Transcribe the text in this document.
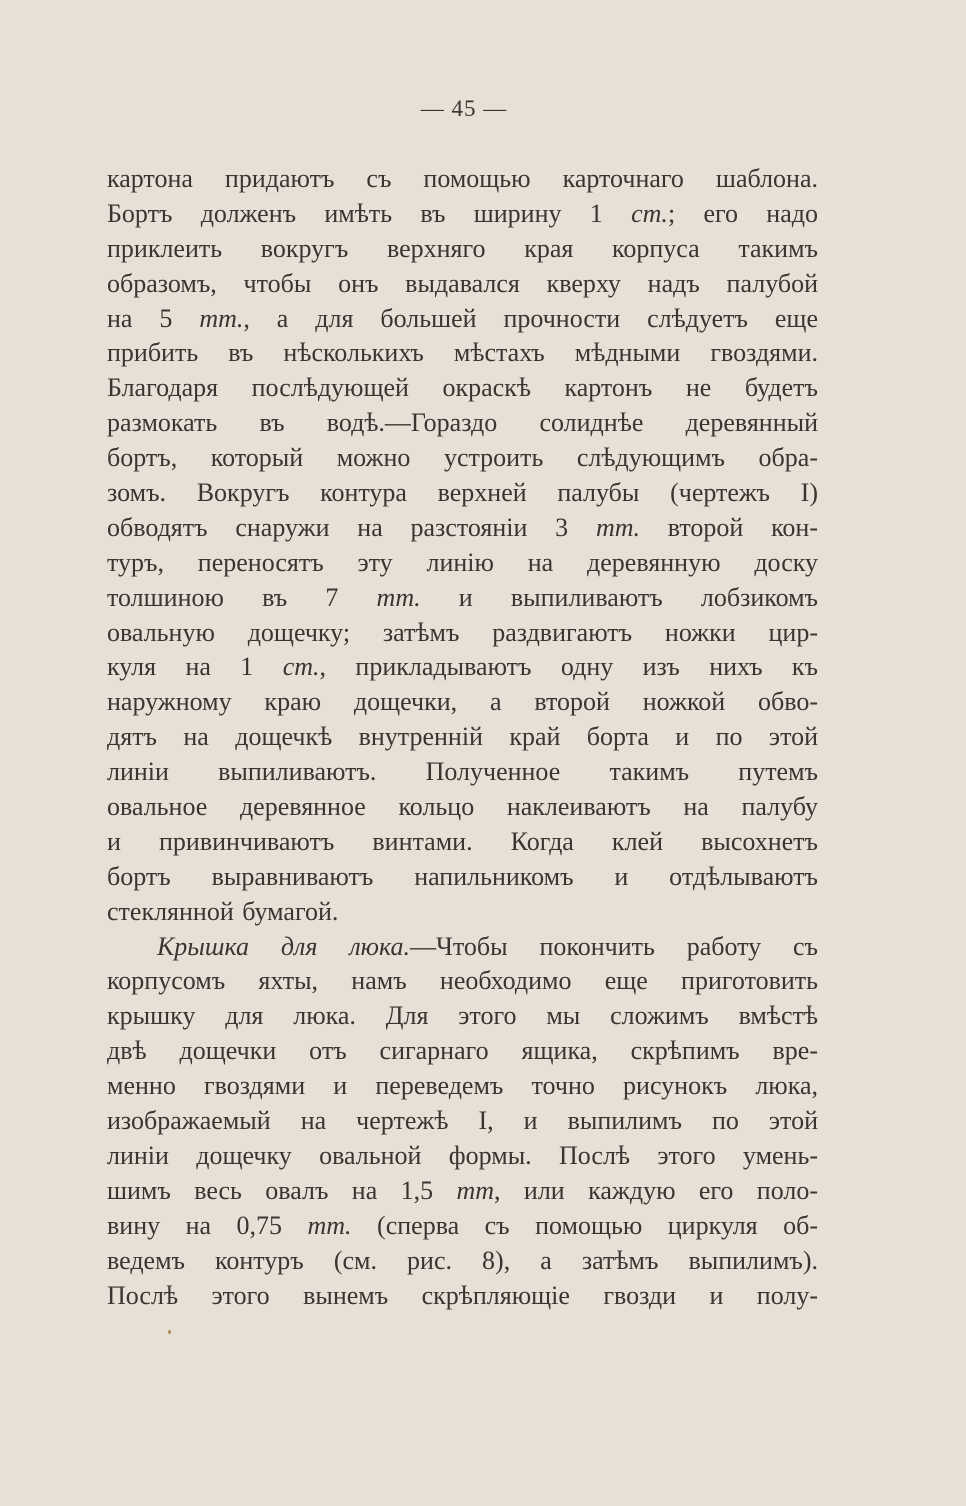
— 45 —
картона придаютъ съ помощью карточнаго шаблона.
Бортъ долженъ имѣть въ ширину 1 cm.; его надо
приклеить вокругъ верхняго края корпуса такимъ
образомъ, чтобы онъ выдавался кверху надъ палубой
на 5 mm., а для большей прочности слѣдуетъ еще
прибить въ нѣсколькихъ мѣстахъ мѣдными гвоздями.
Благодаря послѣдующей окраскѣ картонъ не будетъ
размокать въ водѣ.—Гораздо солиднѣе деревянный
бортъ, который можно устроить слѣдующимъ обра-
зомъ. Вокругъ контура верхней палубы (чертежъ I)
обводятъ снаружи на разстояніи 3 mm. второй кон-
туръ, переносятъ эту линію на деревянную доску
толшиною въ 7 mm. и выпиливаютъ лобзикомъ
овальную дощечку; затѣмъ раздвигаютъ ножки цир-
куля на 1 cm., прикладываютъ одну изъ нихъ къ
наружному краю дощечки, а второй ножкой обво-
дятъ на дощечкѣ внутренній край борта и по этой
линіи выпиливаютъ. Полученное такимъ путемъ
овальное деревянное кольцо наклеиваютъ на палубу
и привинчиваютъ винтами. Когда клей высохнетъ
бортъ выравниваютъ напильникомъ и отдѣлываютъ
стеклянной бумагой.
Крышка для люка.—Чтобы покончить работу съ
корпусомъ яхты, намъ необходимо еще приготовить
крышку для люка. Для этого мы сложимъ вмѣстѣ
двѣ дощечки отъ сигарнаго ящика, скрѣпимъ вре-
менно гвоздями и переведемъ точно рисунокъ люка,
изображаемый на чертежѣ I, и выпилимъ по этой
линіи дощечку овальной формы. Послѣ этого умень-
шимъ весь овалъ на 1,5 mm, или каждую его поло-
вину на 0,75 mm. (сперва съ помощью циркуля об-
ведемъ контуръ (см. рис. 8), а затѣмъ выпилимъ).
Послѣ этого вынемъ скрѣпляющіе гвозди и полу-
